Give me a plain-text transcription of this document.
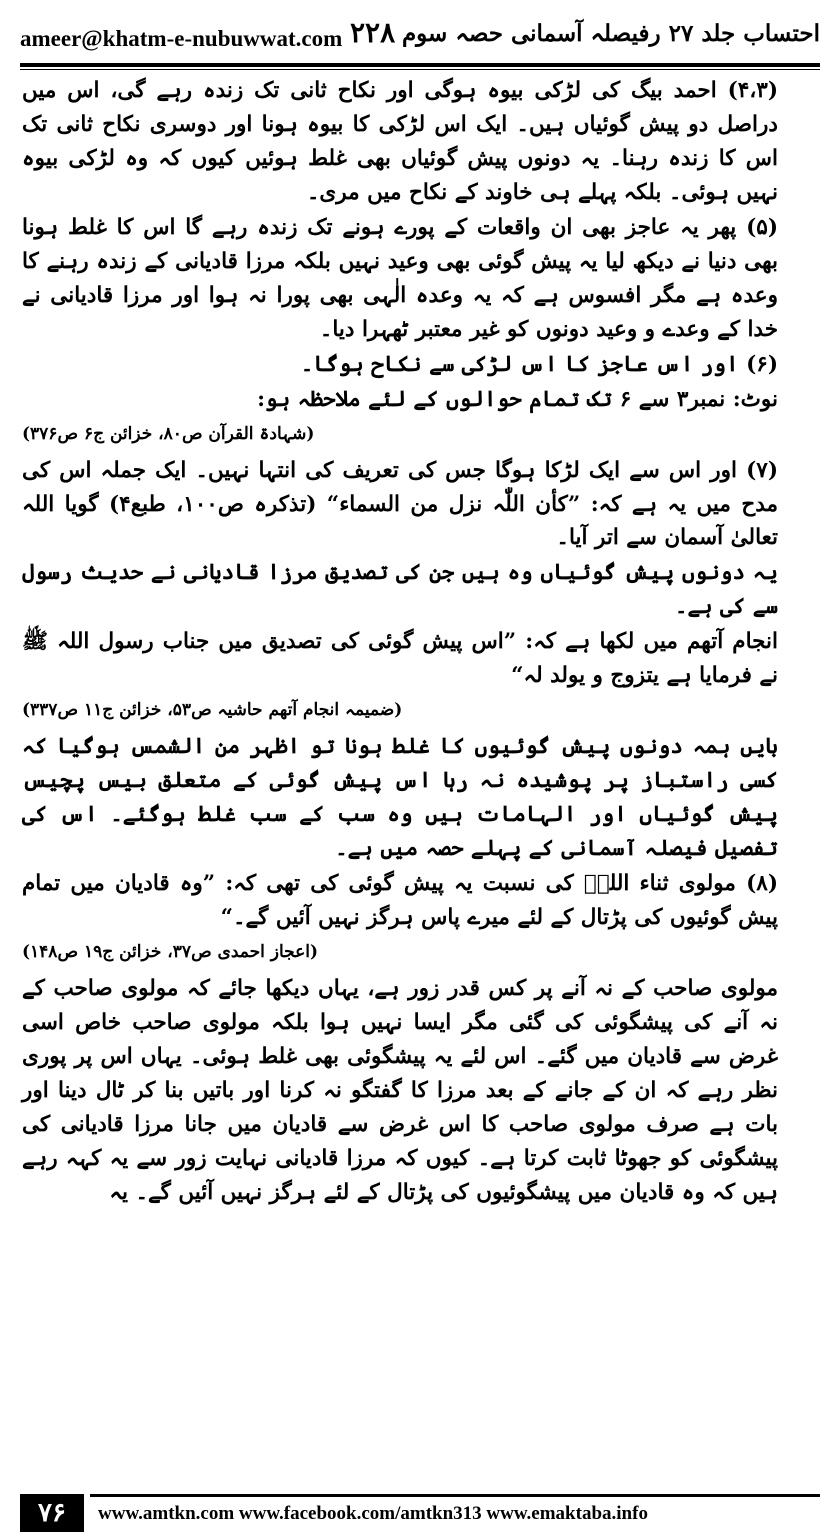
ameer@khatm-e-nubuwwat.com ۲۲۸ احتساب جلد ۲۷ رفیصلہ آسمانی حصہ سوم

(۴،۳) احمد بیگ کی لڑکی بیوہ ہوگی اور نکاح ثانی تک زندہ رہے گی، اس میں دراصل دو پیش گوئیاں ہیں۔ ایک اس لڑکی کا بیوہ ہونا اور دوسری نکاح ثانی تک اس کا زندہ رہنا۔ یہ دونوں پیش گوئیاں بھی غلط ہوئیں کیوں کہ وہ لڑکی بیوہ نہیں ہوئی۔ بلکہ پہلے ہی خاوند کے نکاح میں مری۔

(۵) پھر یہ عاجز بھی ان واقعات کے پورے ہونے تک زندہ رہے گا اس کا غلط ہونا بھی دنیا نے دیکھ لیا یہ پیش گوئی بھی وعید نہیں بلکہ مرزا قادیانی کے زندہ رہنے کا وعدہ ہے مگر افسوس ہے کہ یہ وعدہ الٰہی بھی پورا نہ ہوا اور مرزا قادیانی نے خدا کے وعدے و وعید دونوں کو غیر معتبر ٹھہرا دیا۔

(۶) اور اس عاجز کا اس لڑکی سے نکاح ہوگا۔

نوٹ: نمبر۳ سے ۶ تک تمام حوالوں کے لئے ملاحظہ ہو:

(شہادۃ القرآن ص۸۰، خزائن ج۶ ص۳۷۶)

(۷) اور اس سے ایک لڑکا ہوگا جس کی تعریف کی انتہا نہیں۔ ایک جملہ اس کی مدح میں یہ ہے کہ: ”کأن اللّٰہ نزل من السماء“ (تذکرہ ص۱۰۰، طبع۴) گویا اللہ تعالیٰ آسمان سے اتر آیا۔

یہ دونوں پیش گوئیاں وہ ہیں جن کی تصدیق مرزا قادیانی نے حدیث رسول سے کی ہے۔

انجام آتھم میں لکھا ہے کہ: ”اس پیش گوئی کی تصدیق میں جناب رسول اللہ ﷺ نے فرمایا ہے یتزوج و یولد لہ“

(ضمیمہ انجام آتھم حاشیہ ص۵۳، خزائن ج۱۱ ص۳۳۷)

بایں ہمہ دونوں پیش گوئیوں کا غلط ہونا تو اظہر من الشمس ہوگیا کہ کسی راستباز پر پوشیدہ نہ رہا اس پیش گوئی کے متعلق بیس پچیس پیش گوئیاں اور الہامات ہیں وہ سب کے سب غلط ہوگئے۔ اس کی تفصیل فیصلہ آسمانی کے پہلے حصہ میں ہے۔

(۸) مولوی ثناء اللہؒ کی نسبت یہ پیش گوئی کی تھی کہ: ”وہ قادیان میں تمام پیش گوئیوں کی پڑتال کے لئے میرے پاس ہرگز نہیں آئیں گے۔“

(اعجاز احمدی ص۳۷، خزائن ج۱۹ ص۱۴۸)

مولوی صاحب کے نہ آنے پر کس قدر زور ہے، یہاں دیکھا جائے کہ مولوی صاحب کے نہ آنے کی پیشگوئی کی گئی مگر ایسا نہیں ہوا بلکہ مولوی صاحب خاص اسی غرض سے قادیان میں گئے۔ اس لئے یہ پیشگوئی بھی غلط ہوئی۔ یہاں اس پر پوری نظر رہے کہ ان کے جانے کے بعد مرزا کا گفتگو نہ کرنا اور باتیں بنا کر ٹال دینا اور بات ہے صرف مولوی صاحب کا اس غرض سے قادیان میں جانا مرزا قادیانی کی پیشگوئی کو جھوٹا ثابت کرتا ہے۔ کیوں کہ مرزا قادیانی نہایت زور سے یہ کہہ رہے ہیں کہ وہ قادیان میں پیشگوئیوں کی پڑتال کے لئے ہرگز نہیں آئیں گے۔ یہ

۷۶	www.amtkn.com www.facebook.com/amtkn313 www.emaktaba.info
